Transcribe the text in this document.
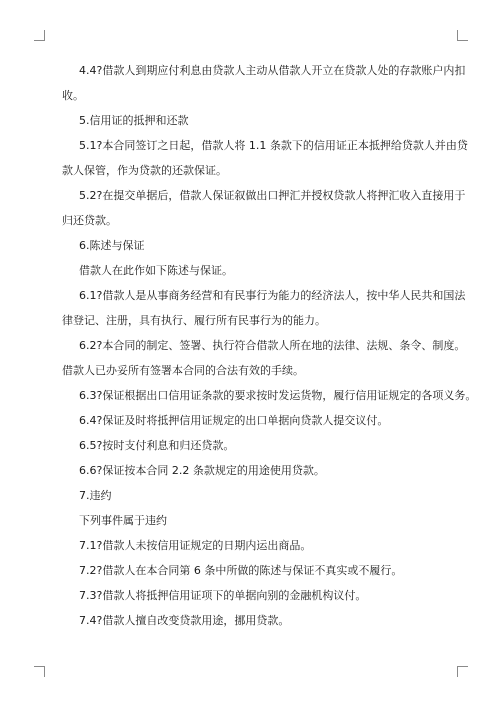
4.4?借款人到期应付利息由贷款人主动从借款人开立在贷款人处的存款账户内扣

收。

5.信用证的抵押和还款

5.1?本合同签订之日起，借款人将 1.1 条款下的信用证正本抵押给贷款人并由贷

款人保管，作为贷款的还款保证。

5.2?在提交单据后，借款人保证叙做出口押汇并授权贷款人将押汇收入直接用于

归还贷款。

6.陈述与保证

借款人在此作如下陈述与保证。

6.1?借款人是从事商务经营和有民事行为能力的经济法人，按中华人民共和国法

律登记、注册，具有执行、履行所有民事行为的能力。

6.2?本合同的制定、签署、执行符合借款人所在地的法律、法规、条令、制度。

借款人已办妥所有签署本合同的合法有效的手续。

6.3?保证根据出口信用证条款的要求按时发运货物，履行信用证规定的各项义务。

6.4?保证及时将抵押信用证规定的出口单据向贷款人提交议付。

6.5?按时支付利息和归还贷款。

6.6?保证按本合同 2.2 条款规定的用途使用贷款。

7.违约

下列事件属于违约

7.1?借款人未按信用证规定的日期内运出商品。

7.2?借款人在本合同第 6 条中所做的陈述与保证不真实或不履行。

7.3?借款人将抵押信用证项下的单据向别的金融机构议付。

7.4?借款人擅自改变贷款用途，挪用贷款。
